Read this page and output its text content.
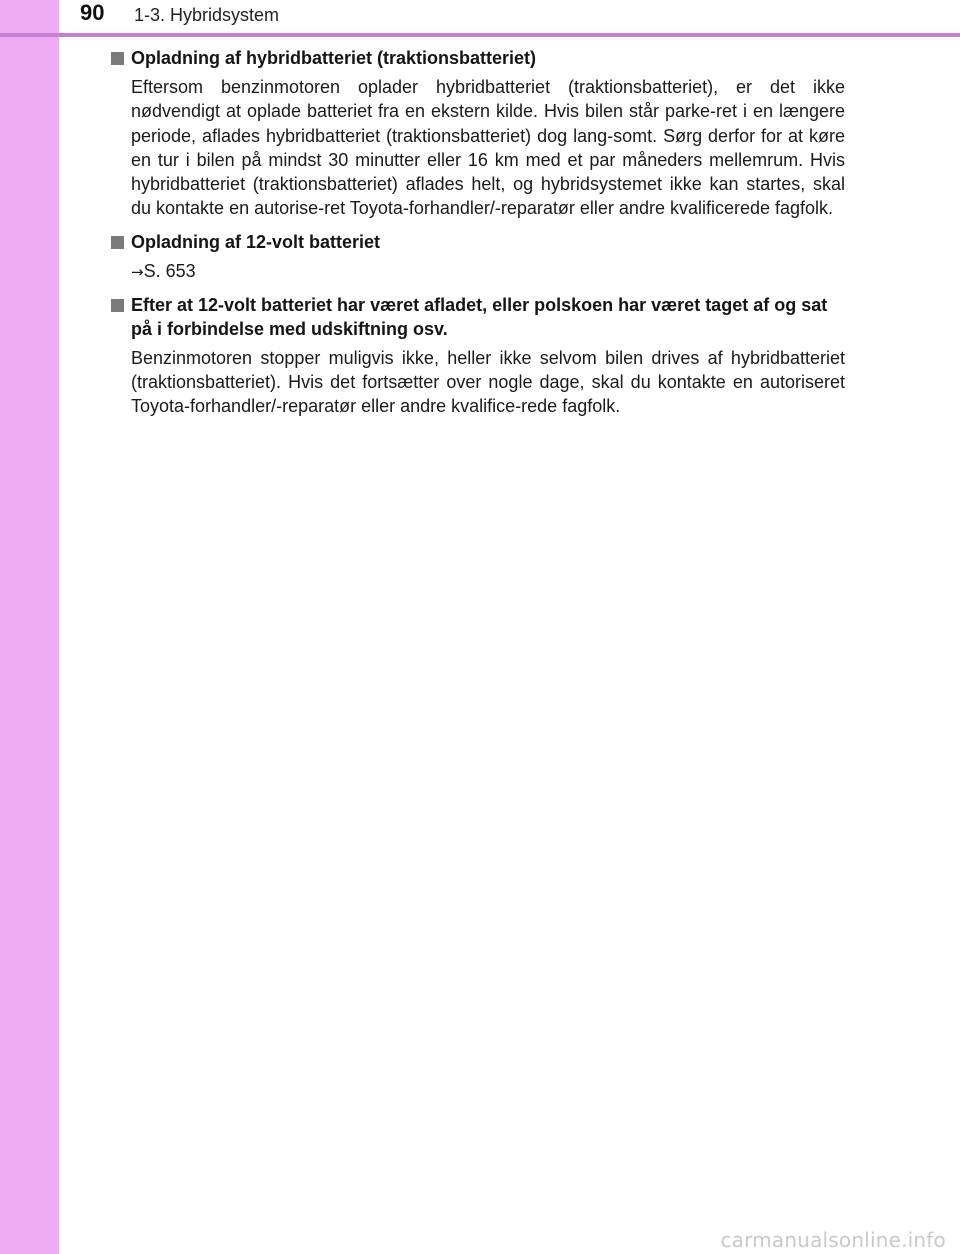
90 1-3. Hybridsystem
Opladning af hybridbatteriet (traktionsbatteriet)
Eftersom benzinmotoren oplader hybridbatteriet (traktionsbatteriet), er det ikke nødvendigt at oplade batteriet fra en ekstern kilde. Hvis bilen står parke-ret i en længere periode, aflades hybridbatteriet (traktionsbatteriet) dog lang-somt. Sørg derfor for at køre en tur i bilen på mindst 30 minutter eller 16 km med et par måneders mellemrum. Hvis hybridbatteriet (traktionsbatteriet) aflades helt, og hybridsystemet ikke kan startes, skal du kontakte en autorise-ret Toyota-forhandler/-reparatør eller andre kvalificerede fagfolk.
Opladning af 12-volt batteriet
→S. 653
Efter at 12-volt batteriet har været afladet, eller polskoen har været taget af og sat på i forbindelse med udskiftning osv.
Benzinmotoren stopper muligvis ikke, heller ikke selvom bilen drives af hybridbatteriet (traktionsbatteriet). Hvis det fortsætter over nogle dage, skal du kontakte en autoriseret Toyota-forhandler/-reparatør eller andre kvalifice-rede fagfolk.
carmanualsonline.info
